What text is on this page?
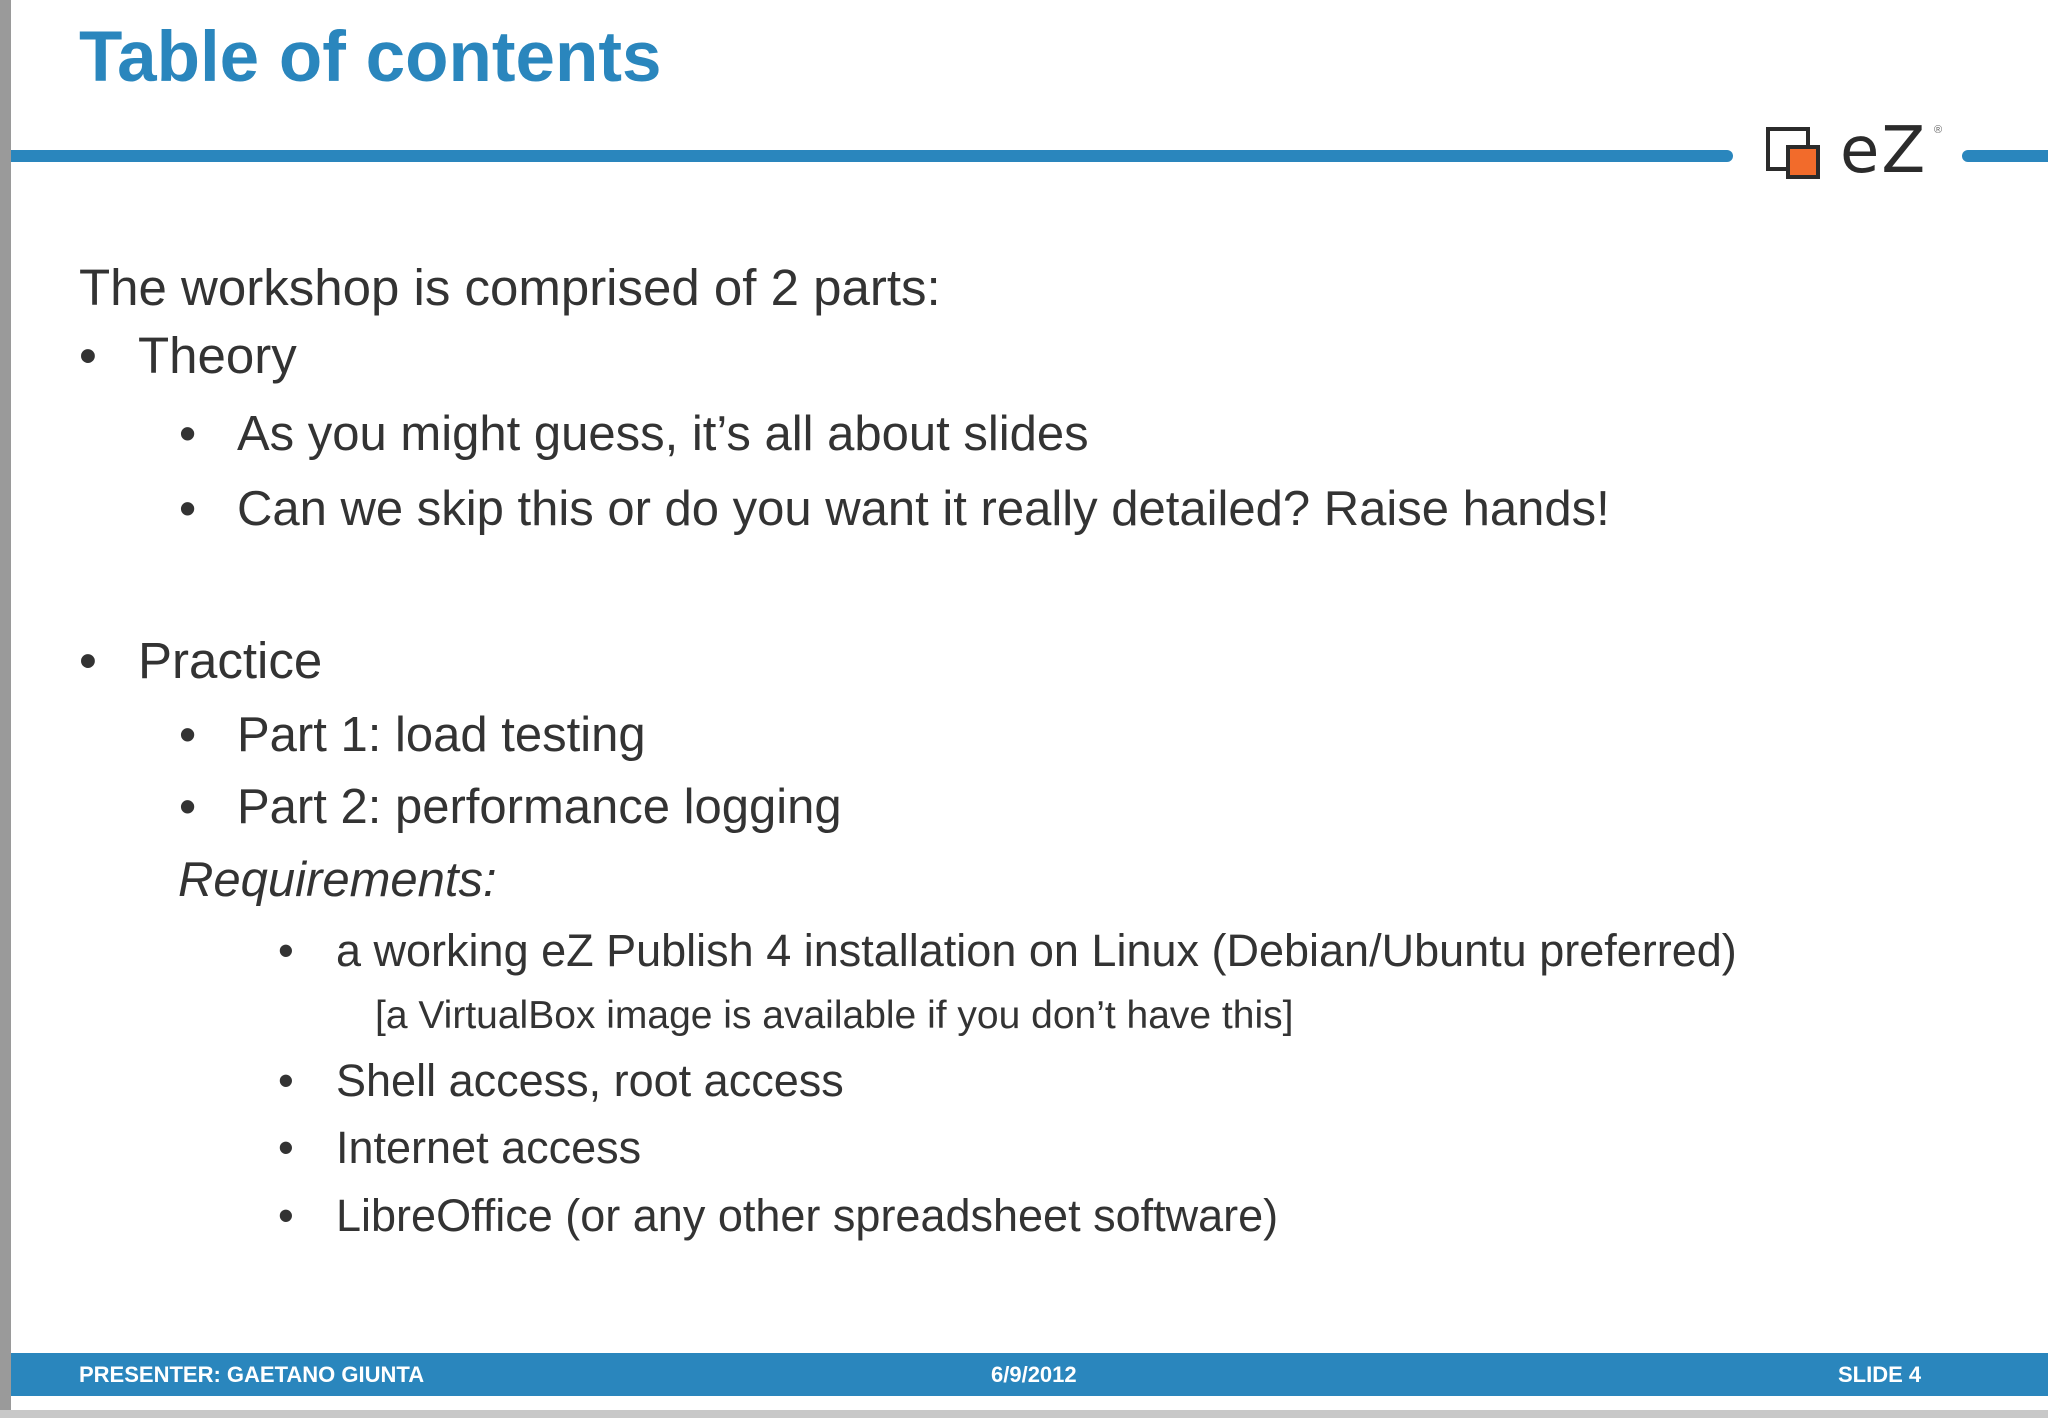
Table of contents
eZ ®

The workshop is comprised of 2 parts:

• Theory
• As you might guess, it’s all about slides
• Can we skip this or do you want it really detailed? Raise hands!
• Practice
• Part 1: load testing
• Part 2: performance logging
Requirements:
• a working eZ Publish 4 installation on Linux (Debian/Ubuntu preferred)
[a VirtualBox image is available if you don’t have this]
• Shell access, root access
• Internet access
• LibreOffice (or any other spreadsheet software)
PRESENTER: GAETANO GIUNTA	6/9/2012	SLIDE 4
